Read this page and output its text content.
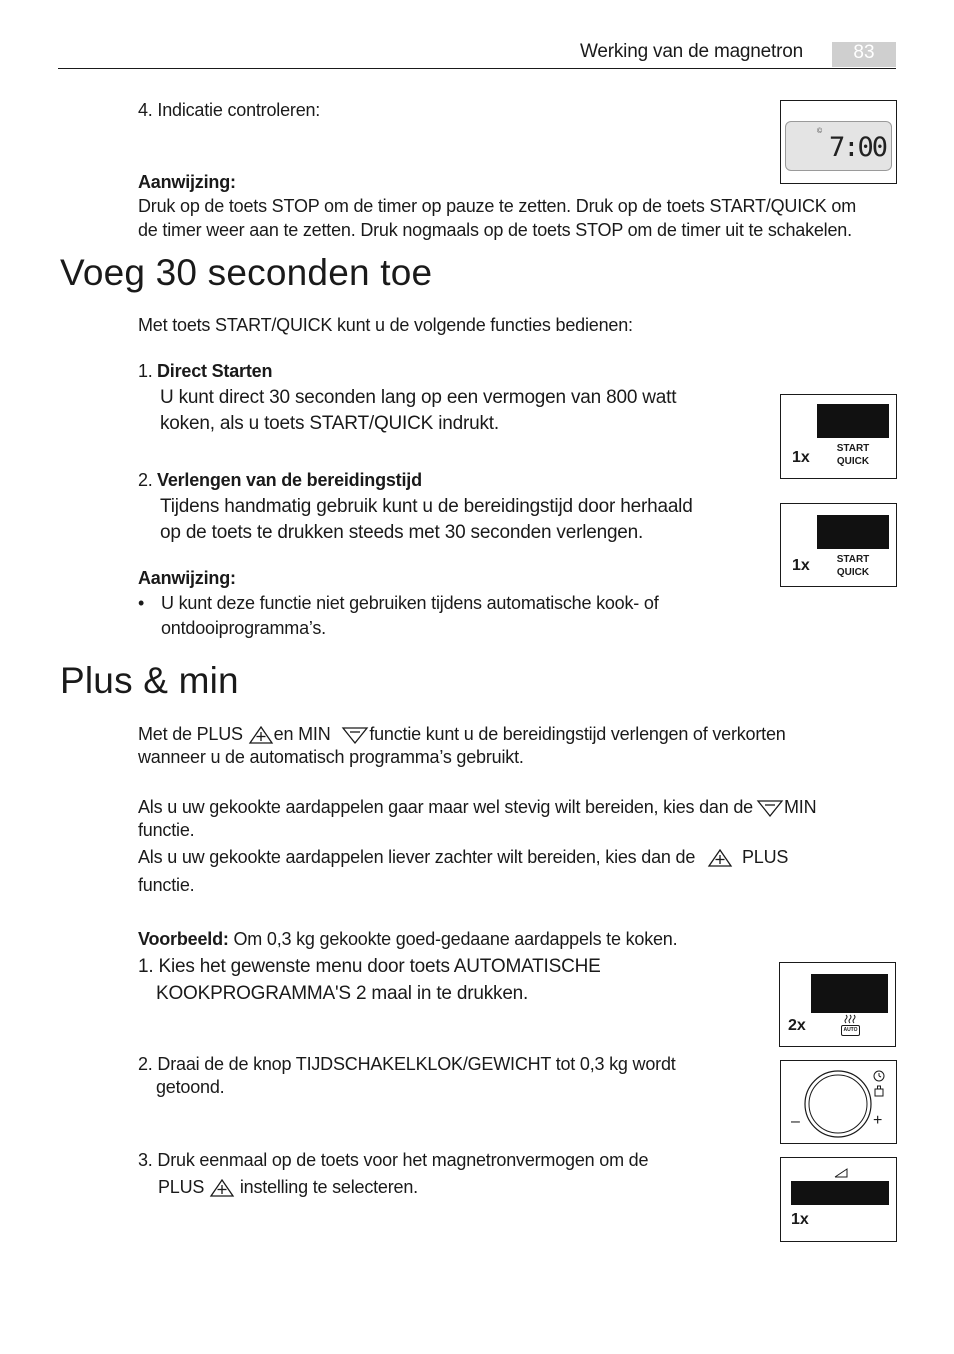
Werking van de magnetron	83
4. Indicatie controleren:
©
7:00
Aanwijzing:
Druk op de toets STOP om de timer op pauze te zetten. Druk op de toets START/QUICK om
de timer weer aan te zetten. Druk nogmaals op de toets STOP om de timer uit te schakelen.
Voeg 30 seconden toe
Met toets START/QUICK kunt u de volgende functies bedienen:
1. Direct Starten
U kunt direct 30 seconden lang op een vermogen van 800 watt
koken, als u toets START/QUICK indrukt.
2. Verlengen van de bereidingstijd
Tijdens handmatig gebruik kunt u de bereidingstijd door herhaald
op de toets te drukken steeds met 30 seconden verlengen.
Aanwijzing:
• U kunt deze functie niet gebruiken tijdens automatische kook- of
ontdooiprogramma’s.
1x
START
QUICK
1x	START
QUICK
Plus & min
Met de PLUS en MIN functie kunt u de bereidingstijd verlengen of verkorten
wanneer u de automatisch programma’s gebruikt.
Als u uw gekookte aardappelen gaar maar wel stevig wilt bereiden, kies dan de MIN
functie.
Als u uw gekookte aardappelen liever zachter wilt bereiden, kies dan de	PLUS
functie.
Voorbeeld: Om 0,3 kg gekookte goed-gedaane aardappels te koken.
1. Kies het gewenste menu door toets AUTOMATISCHE
KOOKPROGRAMMA'S 2 maal in te drukken.
2. Draai de de knop TIJDSCHAKELKLOK/GEWICHT tot 0,3 kg wordt
getoond.
3. Druk eenmaal op de toets voor het magnetronvermogen om de
PLUS instelling te selecteren.
2x	AUTO
–	+
1x
